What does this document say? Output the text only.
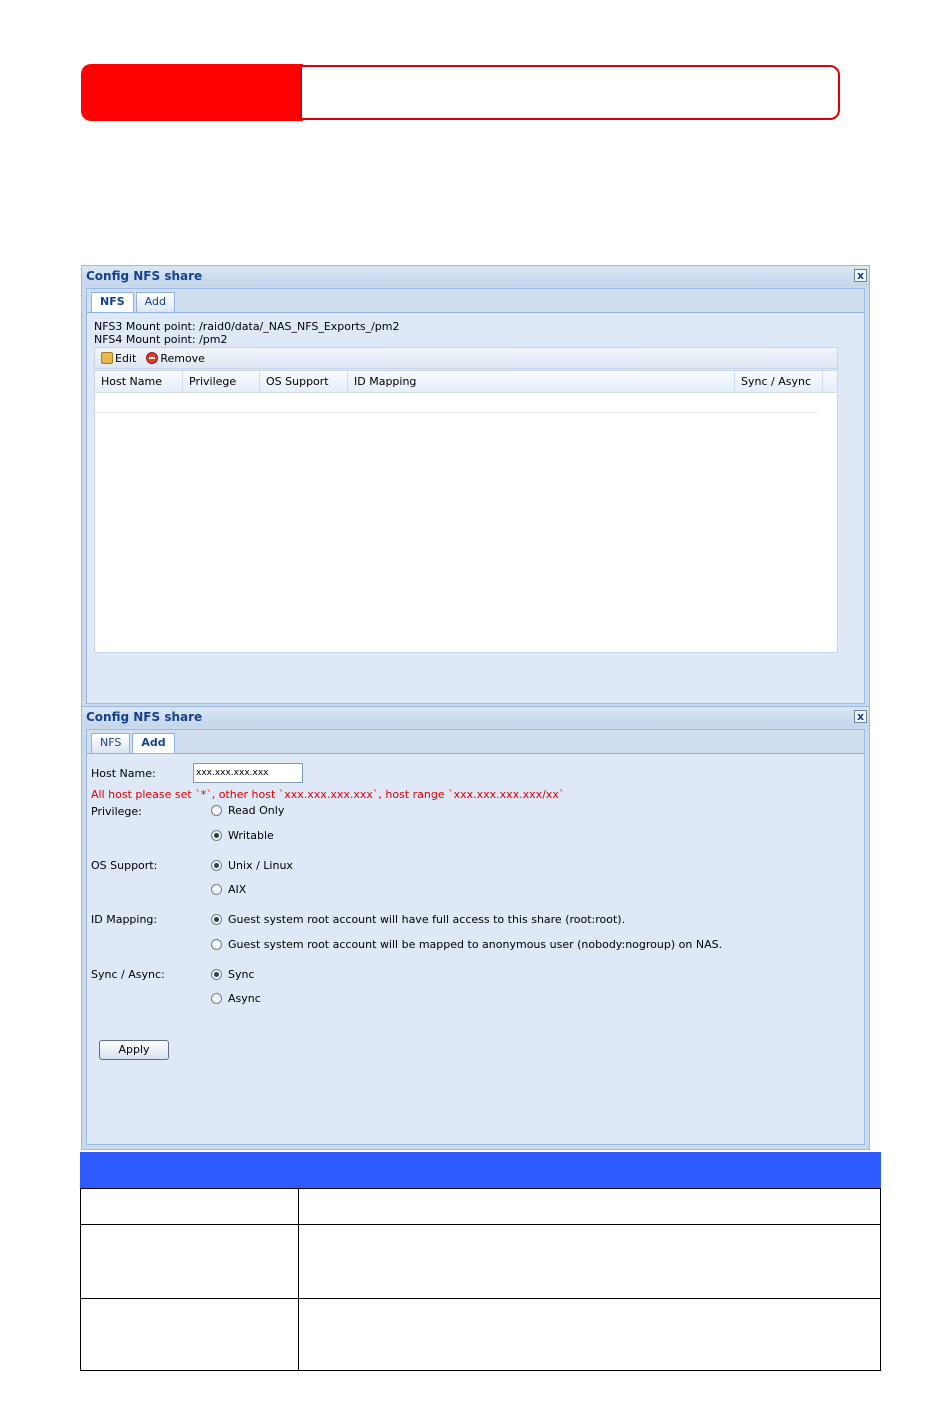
Config NFS share	x
NFS	Add
NFS3 Mount point: /raid0/data/_NAS_NFS_Exports_/pm2
NFS4 Mount point: /pm2
Edit Remove
Host Name	Privilege	OS Support	ID Mapping	Sync / Async
Config NFS share	x
NFS	Add
Host Name:	xxx.xxx.xxx.xxx
All host please set `*`, other host `xxx.xxx.xxx.xxx`, host range `xxx.xxx.xxx.xxx/xx`
Privilege:	Read Only
Writable
OS Support:	Unix / Linux
AIX
ID Mapping:	Guest system root account will have full access to this share (root:root).
Guest system root account will be mapped to anonymous user (nobody:nogroup) on NAS.
Sync / Async:	Sync
Async
Apply
